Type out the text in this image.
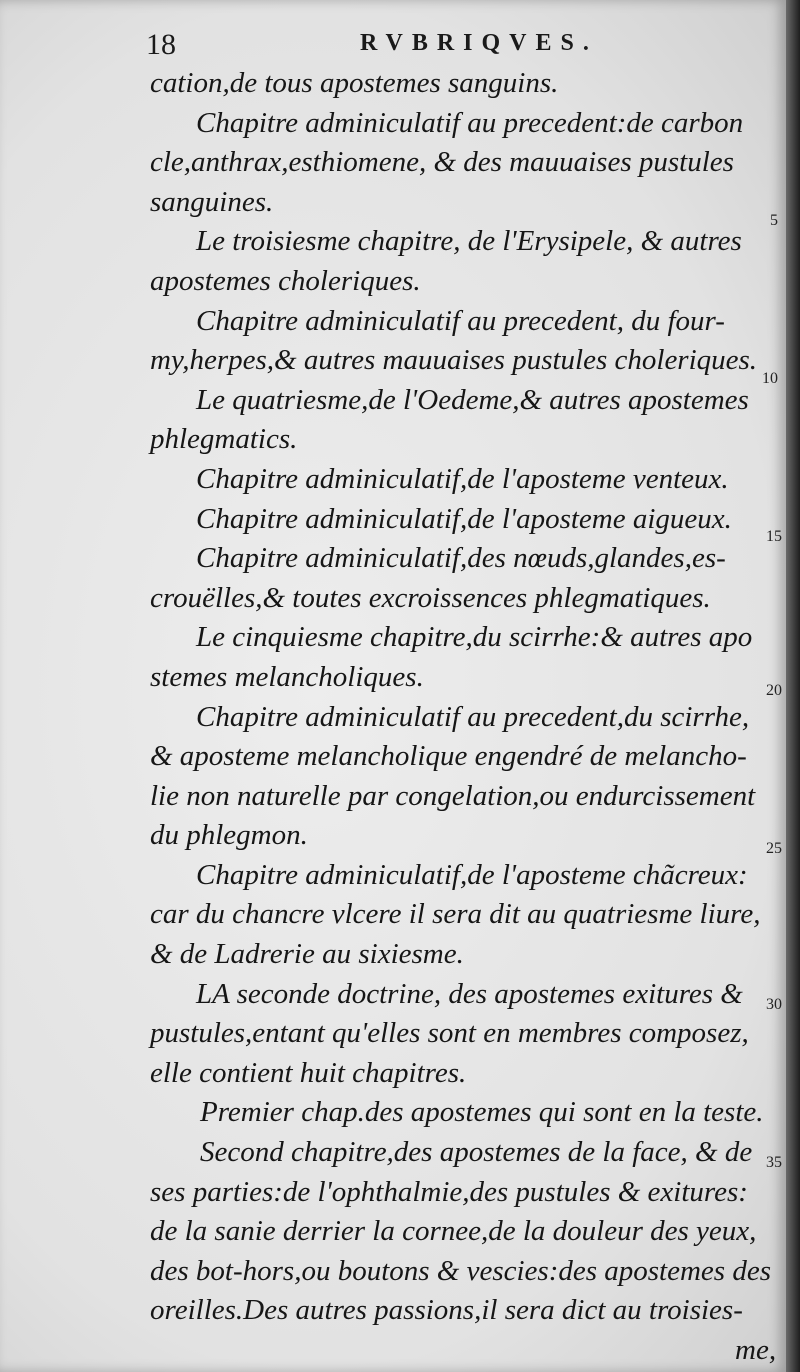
18	RVBRIQVES.
cation,de tous apostemes sanguins.
Chapitre adminiculatif au precedent:de carbon
cle,anthrax,esthiomene, & des mauuaises pustules
sanguines.
Le troisiesme chapitre, de l'Erysipele, & autres
apostemes choleriques.
Chapitre adminiculatif au precedent, du four-
my,herpes,& autres mauuaises pustules choleriques.
Le quatriesme,de l'Oedeme,& autres apostemes
phlegmatics.
Chapitre adminiculatif,de l'aposteme venteux.
Chapitre adminiculatif,de l'aposteme aigueux.
Chapitre adminiculatif,des nœuds,glandes,es-
crouëlles,& toutes excroissences phlegmatiques.
Le cinquiesme chapitre,du scirrhe:& autres apo
stemes melancholiques.
Chapitre adminiculatif au precedent,du scirrhe,
& aposteme melancholique engendré de melancho-
lie non naturelle par congelation,ou endurcissement
du phlegmon.
Chapitre adminiculatif,de l'aposteme chãcreux:
car du chancre vlcere il sera dit au quatriesme liure,
& de Ladrerie au sixiesme.
LA seconde doctrine, des apostemes exitures &
pustules,entant qu'elles sont en membres composez,
elle contient huit chapitres.
Premier chap.des apostemes qui sont en la teste.
Second chapitre,des apostemes de la face, & de
ses parties:de l'ophthalmie,des pustules & exitures:
de la sanie derrier la cornee,de la douleur des yeux,
des bot-hors,ou boutons & vescies:des apostemes des
oreilles.Des autres passions,il sera dict au troisies-
me,
5
10
15
20
25
30
35
